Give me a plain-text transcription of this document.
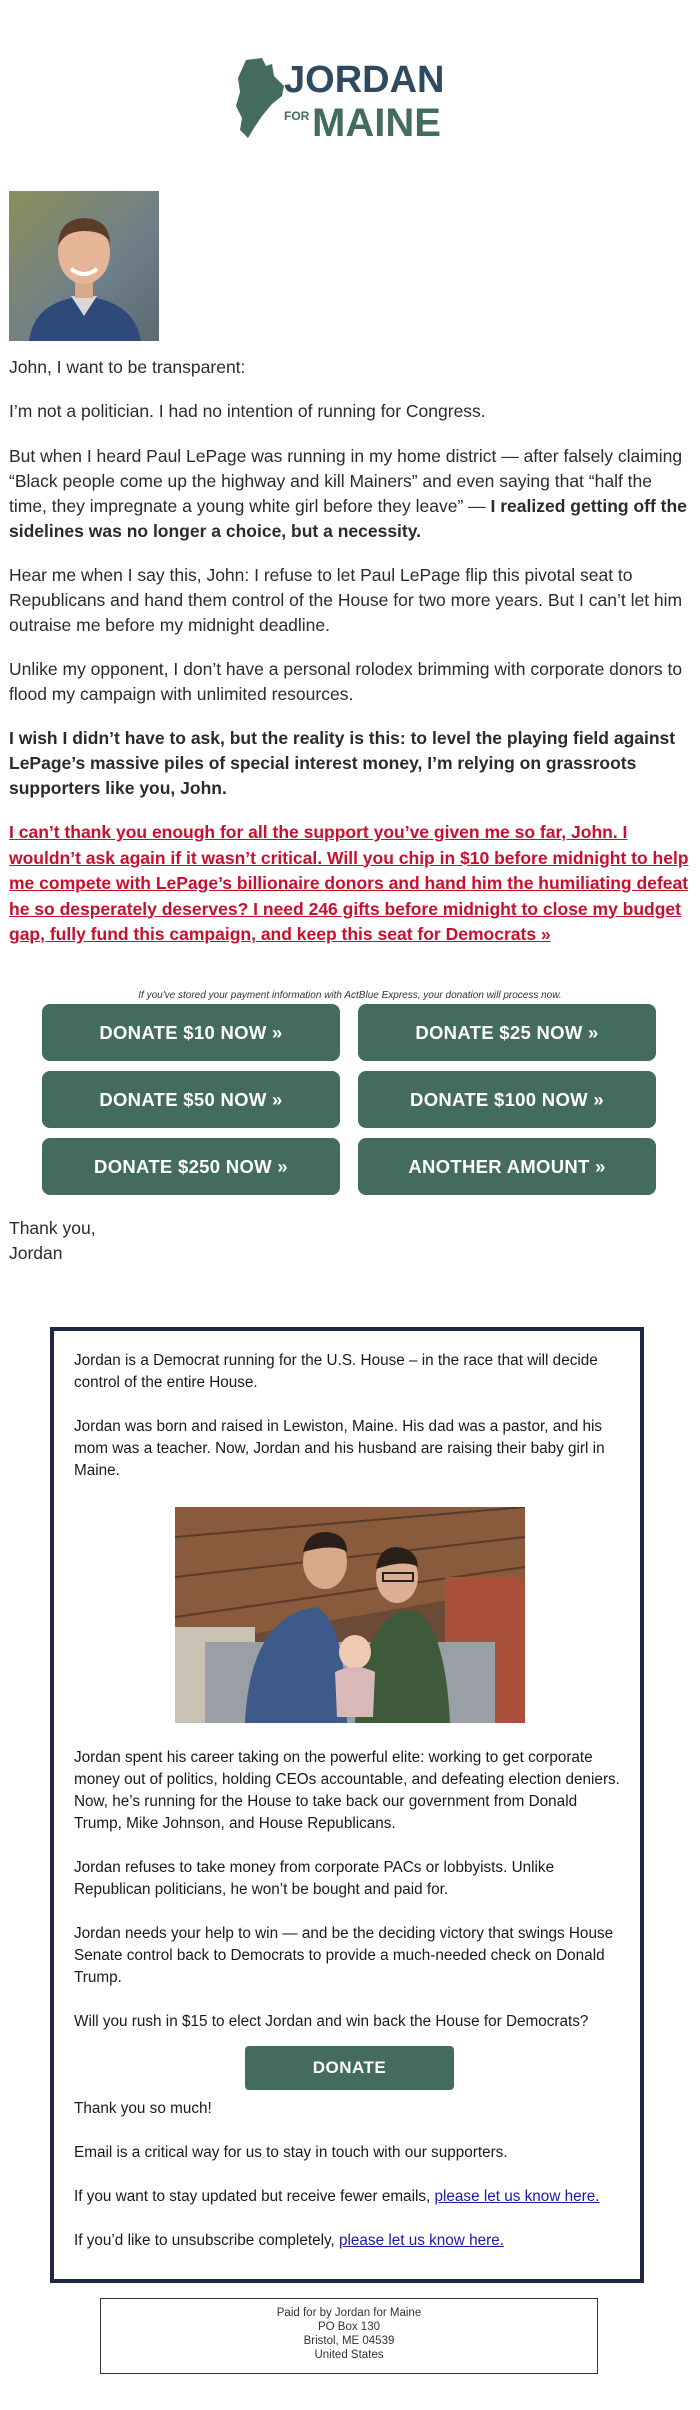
JORDAN
FOR MAINE

John, I want to be transparent:

I’m not a politician. I had no intention of running for Congress.

But when I heard Paul LePage was running in my home district — after falsely claiming “Black people come up the highway and kill Mainers” and even saying that “half the time, they impregnate a young white girl before they leave” — I realized getting off the sidelines was no longer a choice, but a necessity.

Hear me when I say this, John: I refuse to let Paul LePage flip this pivotal seat to Republicans and hand them control of the House for two more years. But I can’t let him outraise me before my midnight deadline.

Unlike my opponent, I don’t have a personal rolodex brimming with corporate donors to flood my campaign with unlimited resources.

I wish I didn’t have to ask, but the reality is this: to level the playing field against LePage’s massive piles of special interest money, I’m relying on grassroots supporters like you, John.

I can’t thank you enough for all the support you’ve given me so far, John. I wouldn’t ask again if it wasn’t critical. Will you chip in $10 before midnight to help me compete with LePage’s billionaire donors and hand him the humiliating defeat he so desperately deserves? I need 246 gifts before midnight to close my budget gap, fully fund this campaign, and keep this seat for Democrats »

If you've stored your payment information with ActBlue Express, your donation will process now.
DONATE $10 NOW »	DONATE $25 NOW »
DONATE $50 NOW »	DONATE $100 NOW »
DONATE $250 NOW »	ANOTHER AMOUNT »
Thank you,
Jordan

Jordan is a Democrat running for the U.S. House – in the race that will decide control of the entire House.

Jordan was born and raised in Lewiston, Maine. His dad was a pastor, and his mom was a teacher. Now, Jordan and his husband are raising their baby girl in Maine.

Jordan spent his career taking on the powerful elite: working to get corporate money out of politics, holding CEOs accountable, and defeating election deniers. Now, he’s running for the House to take back our government from Donald Trump, Mike Johnson, and House Republicans.

Jordan refuses to take money from corporate PACs or lobbyists. Unlike Republican politicians, he won’t be bought and paid for.

Jordan needs your help to win — and be the deciding victory that swings House Senate control back to Democrats to provide a much-needed check on Donald Trump.

Will you rush in $15 to elect Jordan and win back the House for Democrats?

DONATE

Thank you so much!

Email is a critical way for us to stay in touch with our supporters.

If you want to stay updated but receive fewer emails, please let us know here.

If you’d like to unsubscribe completely, please let us know here.

Paid for by Jordan for Maine
PO Box 130
Bristol, ME 04539
United States
